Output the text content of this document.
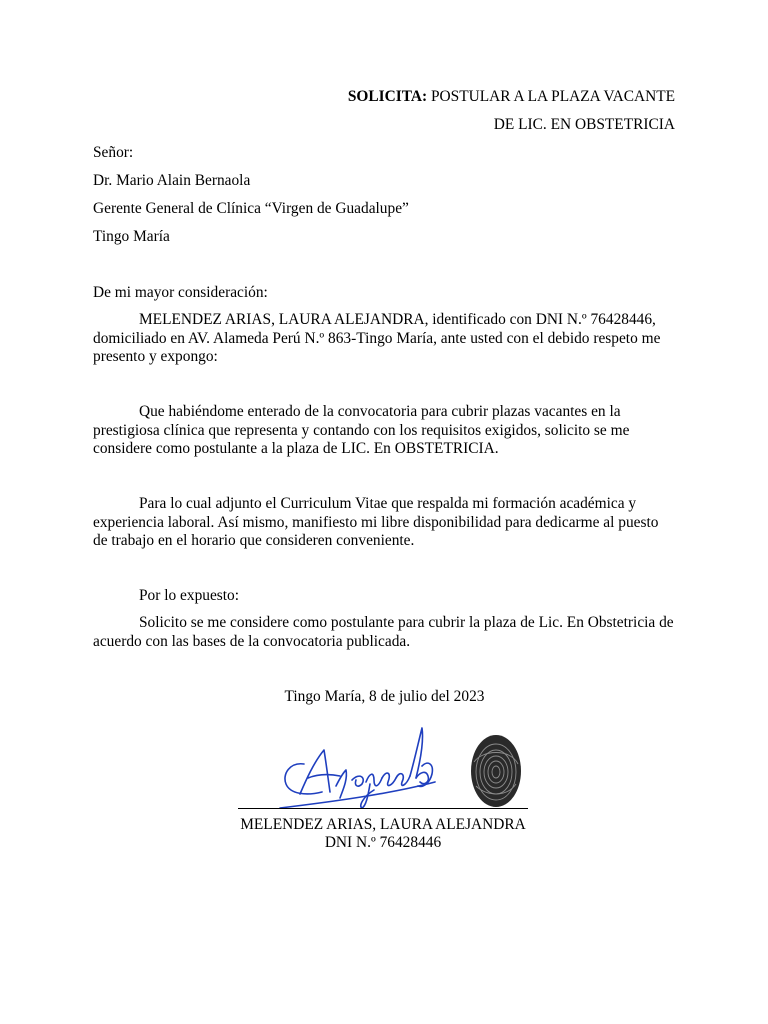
SOLICITA: POSTULAR A LA PLAZA VACANTE
DE LIC. EN OBSTETRICIA
Señor:
Dr. Mario Alain Bernaola
Gerente General de Clínica “Virgen de Guadalupe”
Tingo María
De mi mayor consideración:
MELENDEZ ARIAS, LAURA ALEJANDRA, identificado con DNI N.º 76428446, domiciliado en AV. Alameda Perú N.º 863-Tingo María, ante usted con el debido respeto me presento y expongo:
Que habiéndome enterado de la convocatoria para cubrir plazas vacantes en la prestigiosa clínica que representa y contando con los requisitos exigidos, solicito se me considere como postulante a la plaza de LIC. En OBSTETRICIA.
Para lo cual adjunto el Curriculum Vitae que respalda mi formación académica y experiencia laboral. Así mismo, manifiesto mi libre disponibilidad para dedicarme al puesto de trabajo en el horario que consideren conveniente.
Por lo expuesto:
Solicito se me considere como postulante para cubrir la plaza de Lic. En Obstetricia de acuerdo con las bases de la convocatoria publicada.
Tingo María, 8 de julio del 2023
MELENDEZ ARIAS, LAURA ALEJANDRA
DNI N.º 76428446
